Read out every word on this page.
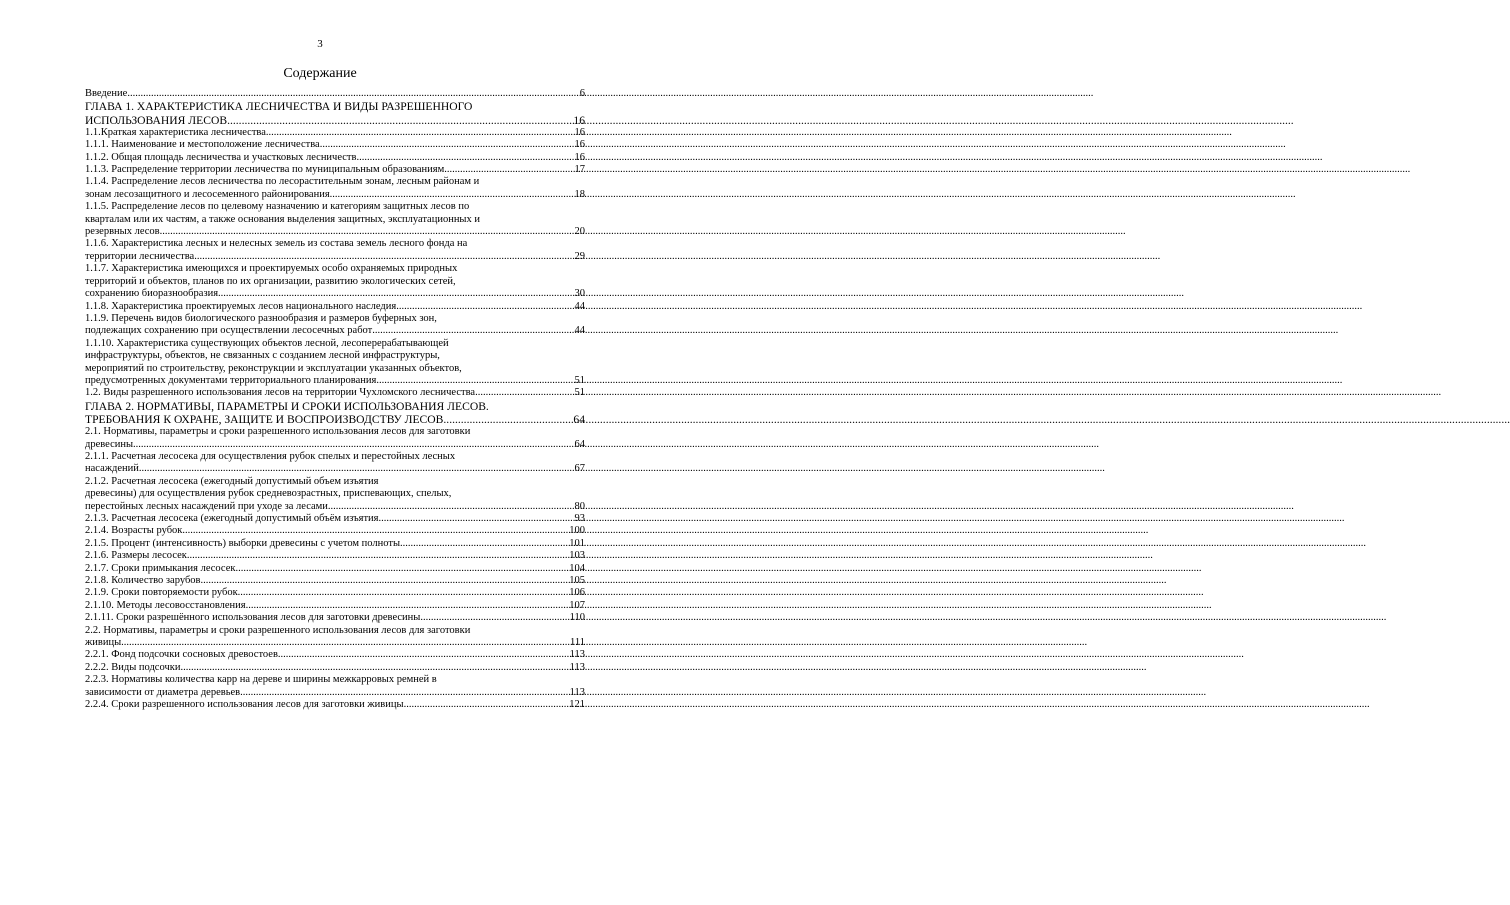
3
Содержание
Введение .....	6
ГЛАВА 1. ХАРАКТЕРИСТИКА ЛЕСНИЧЕСТВА И ВИДЫ РАЗРЕШЕННОГО
ИСПОЛЬЗОВАНИЯ ЛЕСОВ .....	16
1.1. Краткая характеристика лесничества .....	16
1.1.1. Наименование и местоположение лесничества .....	16
1.1.2. Общая площадь лесничества и участковых лесничеств .....	16
1.1.3. Распределение территории лесничества по муниципальным образованиям .....	17
1.1.4. Распределение лесов лесничества по лесорастительным зонам, лесным районам и
зонам лесозащитного и лесосеменного районирования .....	18
1.1.5. Распределение лесов по целевому назначению и категориям защитных лесов по
кварталам или их частям, а также основания выделения защитных, эксплуатационных и
резервных лесов .....	20
1.1.6. Характеристика лесных и нелесных земель из состава земель лесного фонда на
территории лесничества .....	29
1.1.7. Характеристика имеющихся и проектируемых особо охраняемых природных
территорий и объектов, планов по их организации, развитию экологических сетей,
сохранению биоразнообразия .....	30
1.1.8. Характеристика проектируемых лесов национального наследия .....	44
1.1.9. Перечень видов биологического разнообразия и размеров буферных зон,
подлежащих сохранению при осуществлении лесосечных работ .....	44
1.1.10. Характеристика существующих объектов лесной, лесоперерабатывающей
инфраструктуры, объектов, не связанных с созданием лесной инфраструктуры,
мероприятий по строительству, реконструкции и эксплуатации указанных объектов,
предусмотренных документами территориального планирования .....	51
1.2. Виды разрешенного использования лесов на территории Чухломского лесничества .....	51
ГЛАВА 2. НОРМАТИВЫ, ПАРАМЕТРЫ И СРОКИ ИСПОЛЬЗОВАНИЯ ЛЕСОВ.
ТРЕБОВАНИЯ К ОХРАНЕ, ЗАЩИТЕ И ВОСПРОИЗВОДСТВУ ЛЕСОВ .....	64
2.1. Нормативы, параметры и сроки разрешенного использования лесов для заготовки
древесины .....	64
2.1.1. Расчетная лесосека для осуществления рубок спелых и перестойных лесных
насаждений .....	67
2.1.2. Расчетная лесосека (ежегодный допустимый объем изъятия
древесины) для осуществления рубок средневозрастных, приспевающих, спелых,
перестойных лесных насаждений при уходе за лесами .....	80
2.1.3. Расчетная лесосека (ежегодный допустимый объём изъятия .....	93
2.1.4. Возрасты рубок .....	100
2.1.5. Процент (интенсивность) выборки древесины с учетом полноты .....	101
2.1.6. Размеры лесосек .....	103
2.1.7. Сроки примыкания лесосек .....	104
2.1.8. Количество зарубов .....	105
2.1.9. Сроки повторяемости рубок .....	106
2.1.10. Методы лесовосстановления .....	107
2.1.11. Сроки разрешённого использования лесов для заготовки древесины .....	110
2.2. Нормативы, параметры и сроки разрешенного использования лесов для заготовки
живицы .....	111
2.2.1. Фонд подсочки сосновых древостоев .....	113
2.2.2. Виды подсочки .....	113
2.2.3. Нормативы количества карр на дереве и ширины межкарровых ремней в
зависимости от диаметра деревьев .....	113
2.2.4. Сроки разрешенного использования лесов для заготовки живицы .....	121
